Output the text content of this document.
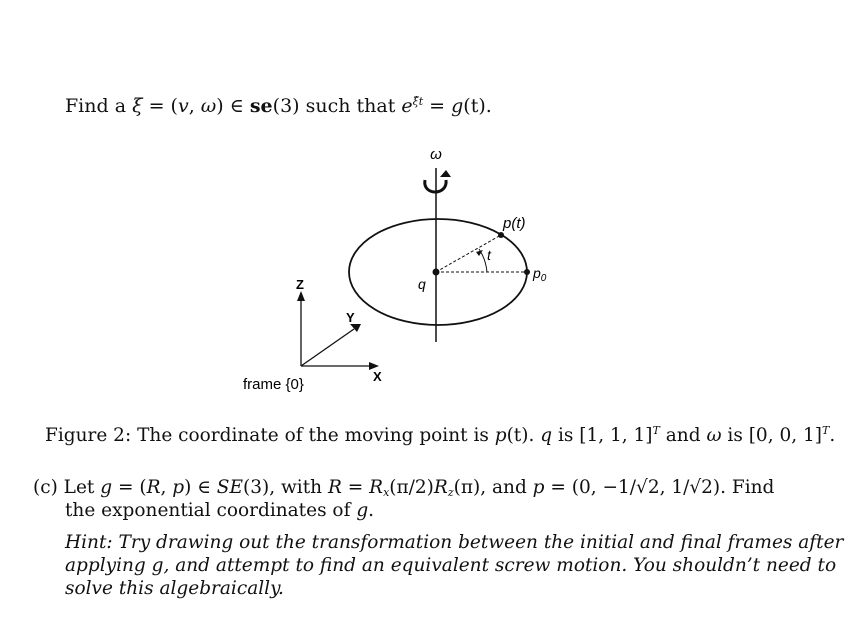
Find a ξ = (v, ω) ∈ se(3) such that $e^{\xît} = g(t)$.
ω
p(t)
t
q
$p_0$
Z
Y
X
frame {0}
Figure 2: The coordinate of the moving point is p(t). q is [1, 1, 1]$^T$ and ω is [0, 0, 1]$^T$.
(c) Let g = (R, p) ∈ SE(3), with $R = R_x(\pi/2)R_z(\pi)$, and p = (0, −1/√2, 1/√2). Find
the exponential coordinates of g.
Hint: Try drawing out the transformation between the initial and final frames after
applying g, and attempt to find an equivalent screw motion. You shouldn’t need to
solve this algebraically.
